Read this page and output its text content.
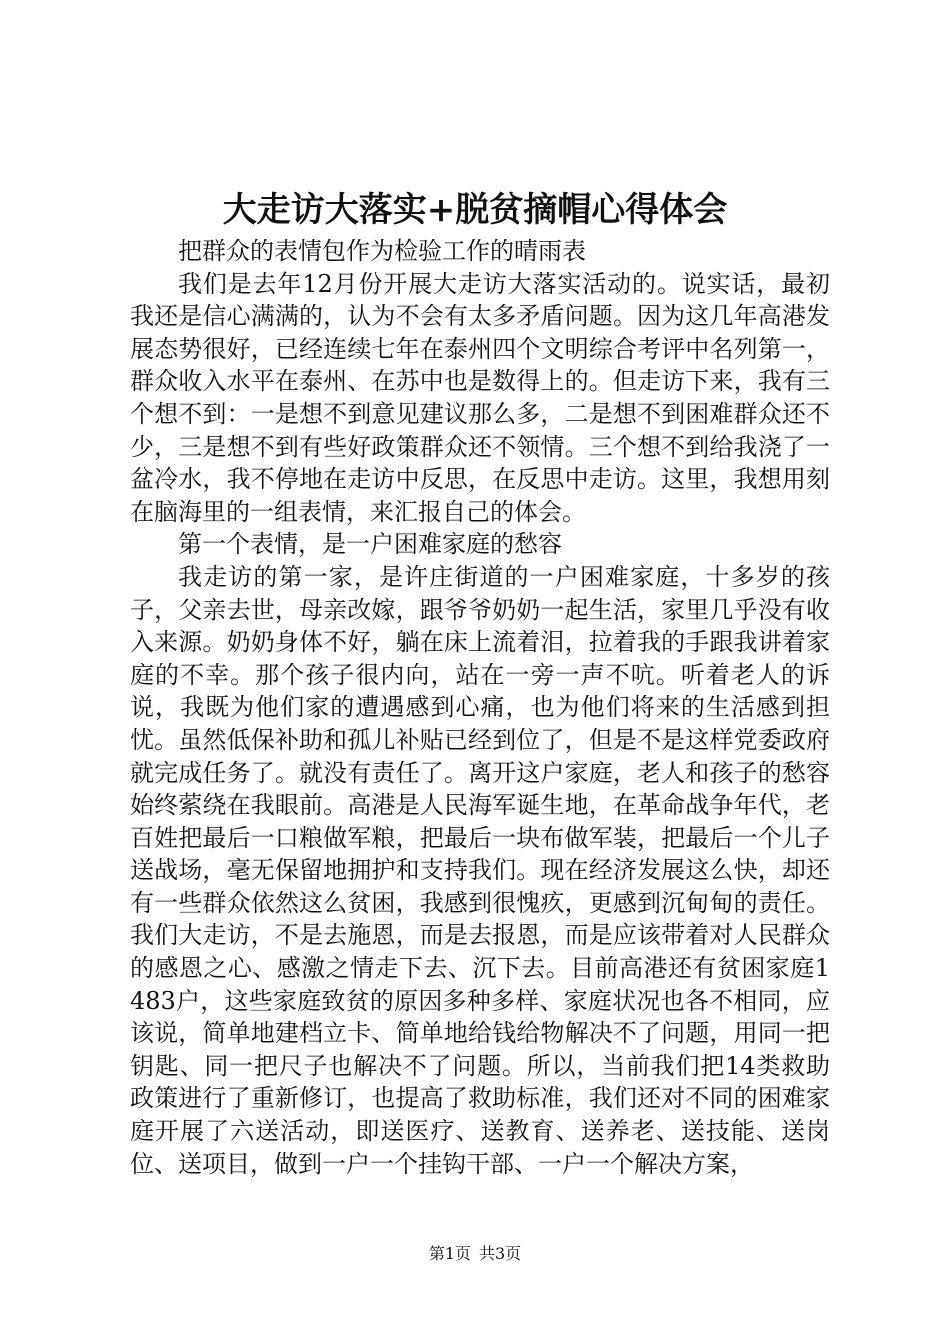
大走访大落实+脱贫摘帽心得体会

把群众的表情包作为检验工作的晴雨表

我们是去年12月份开展大走访大落实活动的。说实话，最初我还是信心满满的，认为不会有太多矛盾问题。因为这几年高港发展态势很好，已经连续七年在泰州四个文明综合考评中名列第一，群众收入水平在泰州、在苏中也是数得上的。但走访下来，我有三个想不到：一是想不到意见建议那么多，二是想不到困难群众还不少，三是想不到有些好政策群众还不领情。三个想不到给我浇了一盆冷水，我不停地在走访中反思，在反思中走访。这里，我想用刻在脑海里的一组表情，来汇报自己的体会。

第一个表情，是一户困难家庭的愁容

我走访的第一家，是许庄街道的一户困难家庭，十多岁的孩子，父亲去世，母亲改嫁，跟爷爷奶奶一起生活，家里几乎没有收入来源。奶奶身体不好，躺在床上流着泪，拉着我的手跟我讲着家庭的不幸。那个孩子很内向，站在一旁一声不吭。听着老人的诉说，我既为他们家的遭遇感到心痛，也为他们将来的生活感到担忧。虽然低保补助和孤儿补贴已经到位了，但是不是这样党委政府就完成任务了。就没有责任了。离开这户家庭，老人和孩子的愁容始终萦绕在我眼前。高港是人民海军诞生地，在革命战争年代，老百姓把最后一口粮做军粮，把最后一块布做军装，把最后一个儿子送战场，毫无保留地拥护和支持我们。现在经济发展这么快，却还有一些群众依然这么贫困，我感到很愧疚，更感到沉甸甸的责任。我们大走访，不是去施恩，而是去报恩，而是应该带着对人民群众的感恩之心、感激之情走下去、沉下去。目前高港还有贫困家庭1483户，这些家庭致贫的原因多种多样、家庭状况也各不相同，应该说，简单地建档立卡、简单地给钱给物解决不了问题，用同一把钥匙、同一把尺子也解决不了问题。所以，当前我们把14类救助政策进行了重新修订，也提高了救助标准，我们还对不同的困难家庭开展了六送活动，即送医疗、送教育、送养老、送技能、送岗位、送项目，做到一户一个挂钩干部、一户一个解决方案，

第1页 共3页
